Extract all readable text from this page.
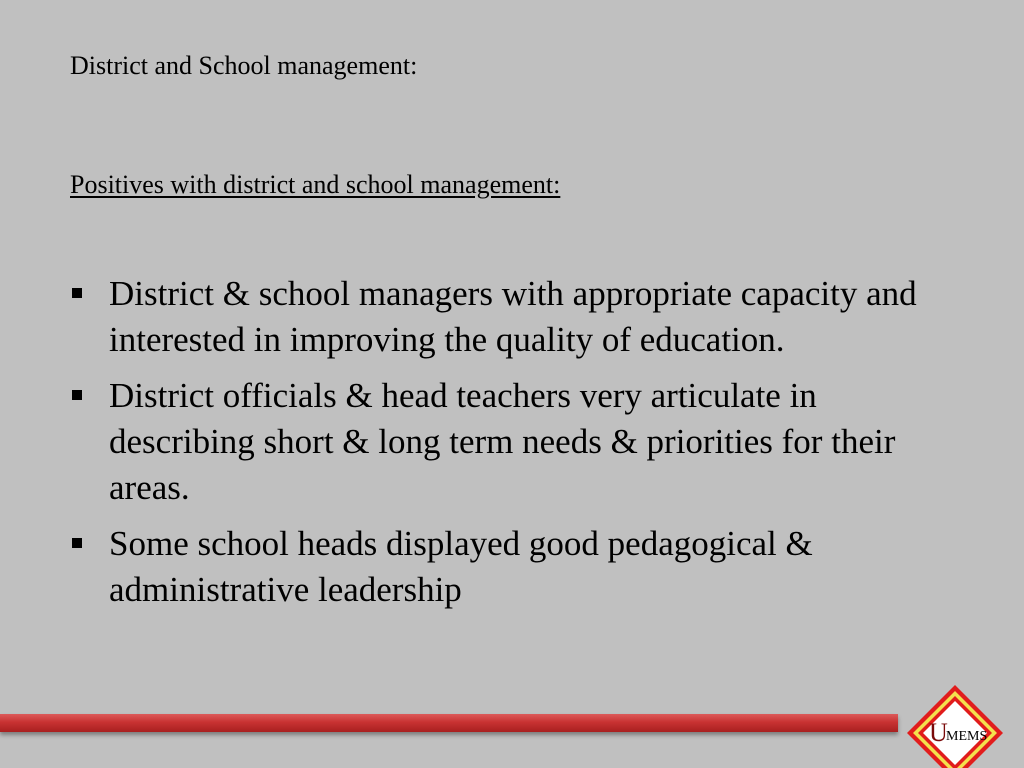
District and School management:
Positives with district and school management:
District & school managers with appropriate capacity and interested in improving the quality of education.
District officials & head teachers very articulate in describing short & long term needs & priorities for their areas.
Some school heads displayed good pedagogical & administrative leadership
U
MEMS
